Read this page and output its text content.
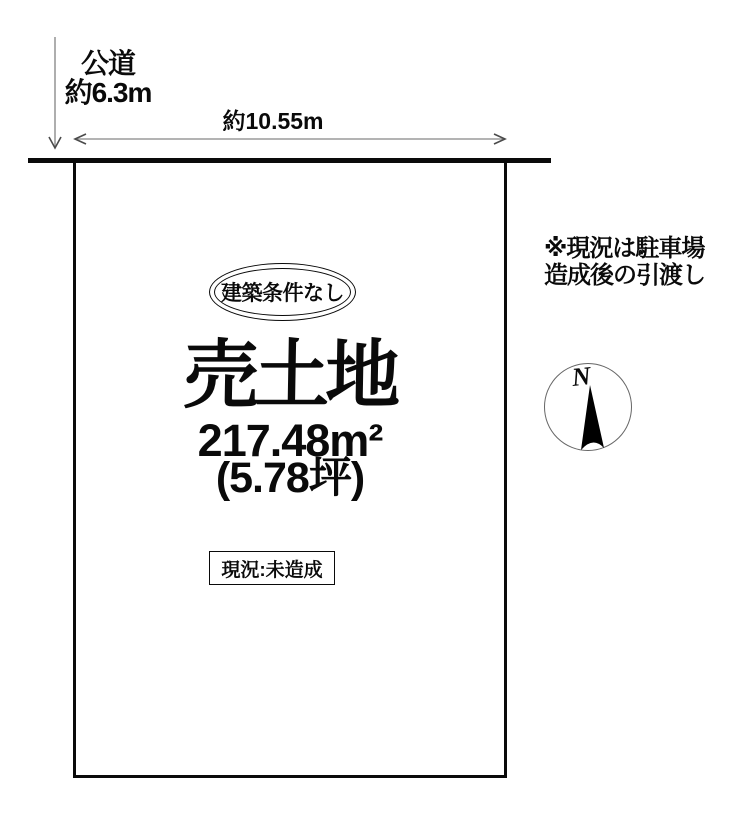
公道
約6.3m
約10.55m
建築条件なし
売土地
217.48m²
(5.78坪)
現況:未造成
※現況は駐車場
造成後の引渡し
N
